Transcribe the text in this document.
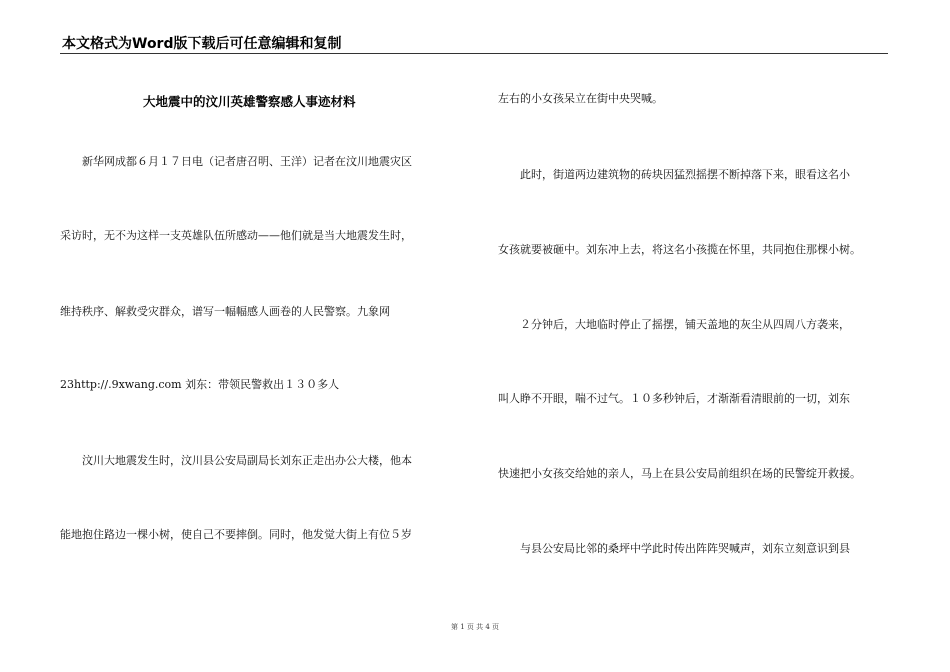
本文格式为Word版下载后可任意编辑和复制
大地震中的汶川英雄警察感人事迹材料
　　新华网成都６月１７日电（记者唐召明、王洋）记者在汶川地震灾区
采访时，无不为这样一支英雄队伍所感动——他们就是当大地震发生时，
维持秩序、解救受灾群众，谱写一幅幅感人画卷的人民警察。九象网
23http://.9xwang.com 刘东：带领民警救出１３０多人
　　汶川大地震发生时，汶川县公安局副局长刘东正走出办公大楼，他本
能地抱住路边一棵小树，使自己不要摔倒。同时，他发觉大街上有位５岁
左右的小女孩呆立在街中央哭喊。
　　此时，街道两边建筑物的砖块因猛烈摇摆不断掉落下来，眼看这名小
女孩就要被砸中。刘东冲上去，将这名小孩揽在怀里，共同抱住那棵小树。
　　２分钟后，大地临时停止了摇摆，铺天盖地的灰尘从四周八方袭来，
叫人睁不开眼，喘不过气。１０多秒钟后，才渐渐看清眼前的一切，刘东
快速把小女孩交给她的亲人，马上在县公安局前组织在场的民警绽开救援。
　　与县公安局比邻的桑坪中学此时传出阵阵哭喊声，刘东立刻意识到县
第 1 页 共 4 页
